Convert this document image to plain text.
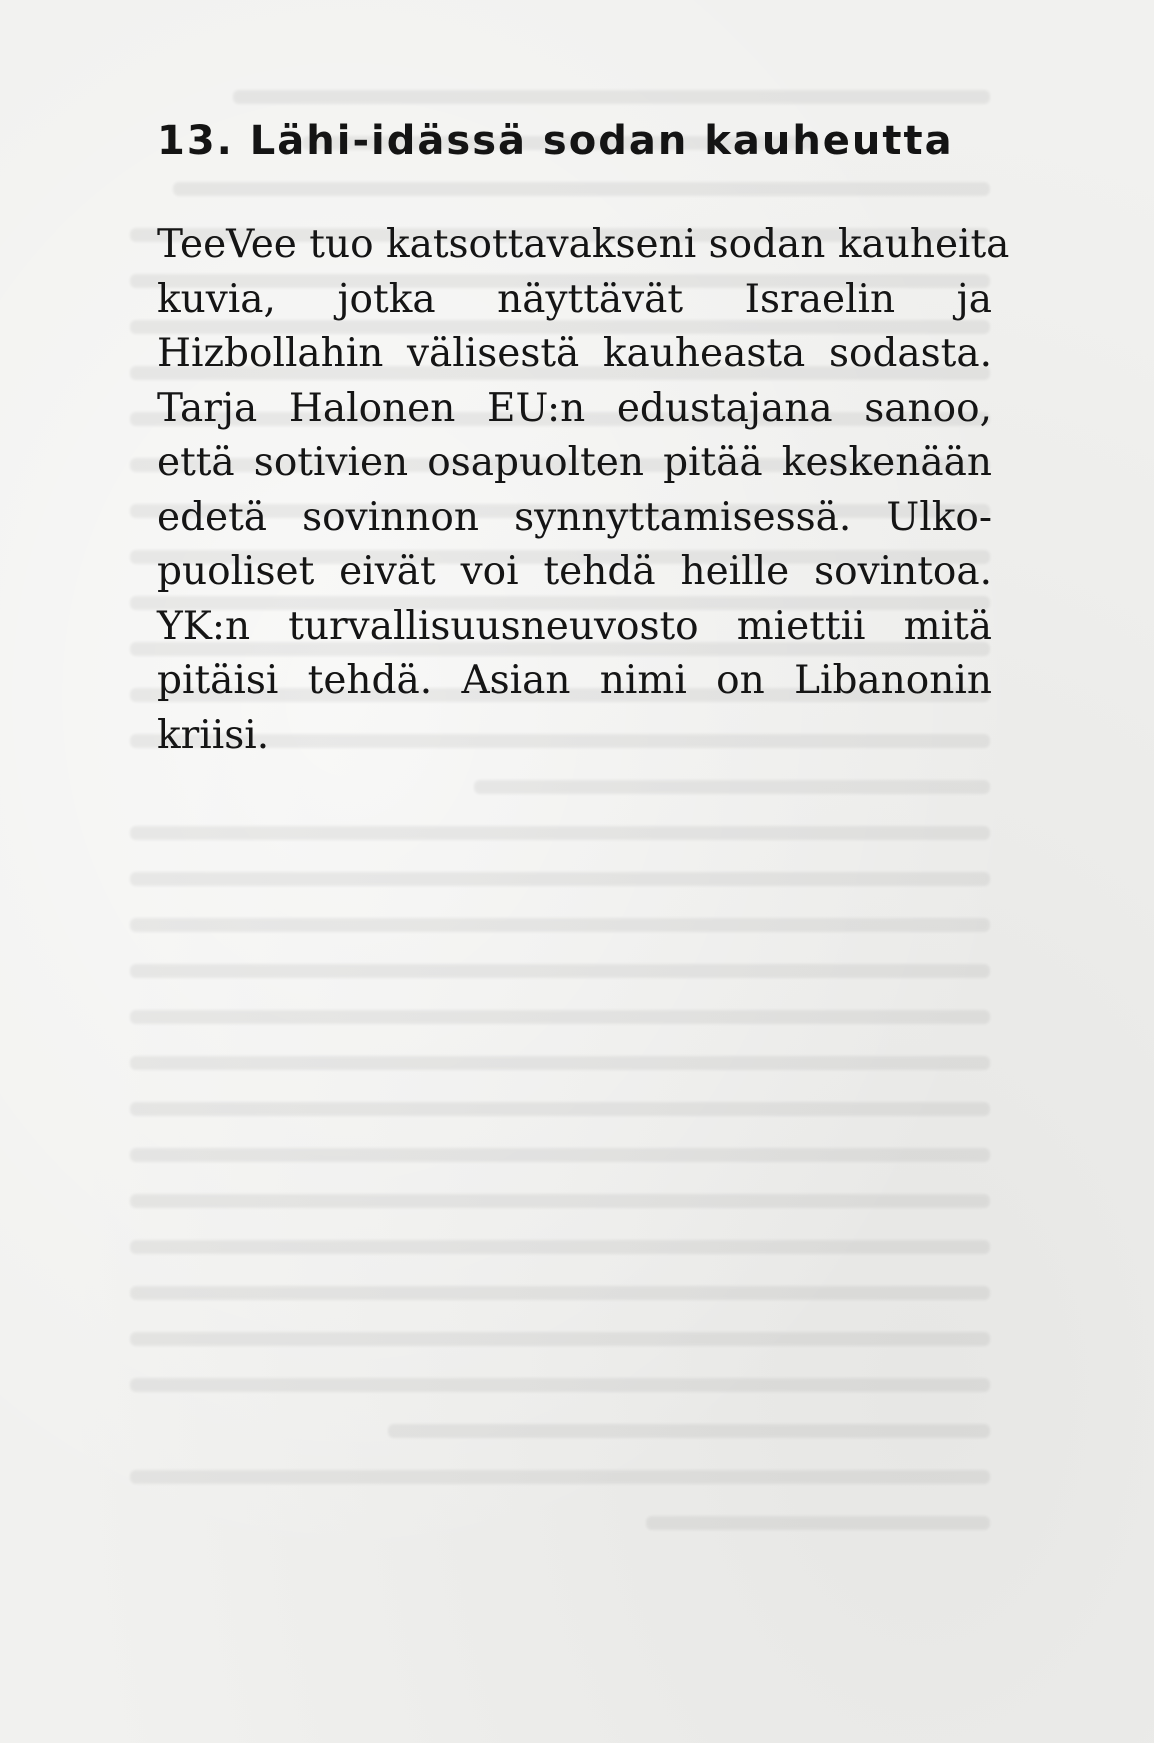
13. Lähi-idässä sodan kauheutta

TeeVee tuo katsottavakseni sodan kauheita
kuvia, jotka näyttävät Israelin ja
Hizbollahin välisestä kauheasta sodasta.
Tarja Halonen EU:n edustajana sanoo,
että sotivien osapuolten pitää keskenään
edetä sovinnon synnyttamisessä. Ulko-
puoliset eivät voi tehdä heille sovintoa.
YK:n turvallisuusneuvosto miettii mitä
pitäisi tehdä. Asian nimi on Libanonin
kriisi.
